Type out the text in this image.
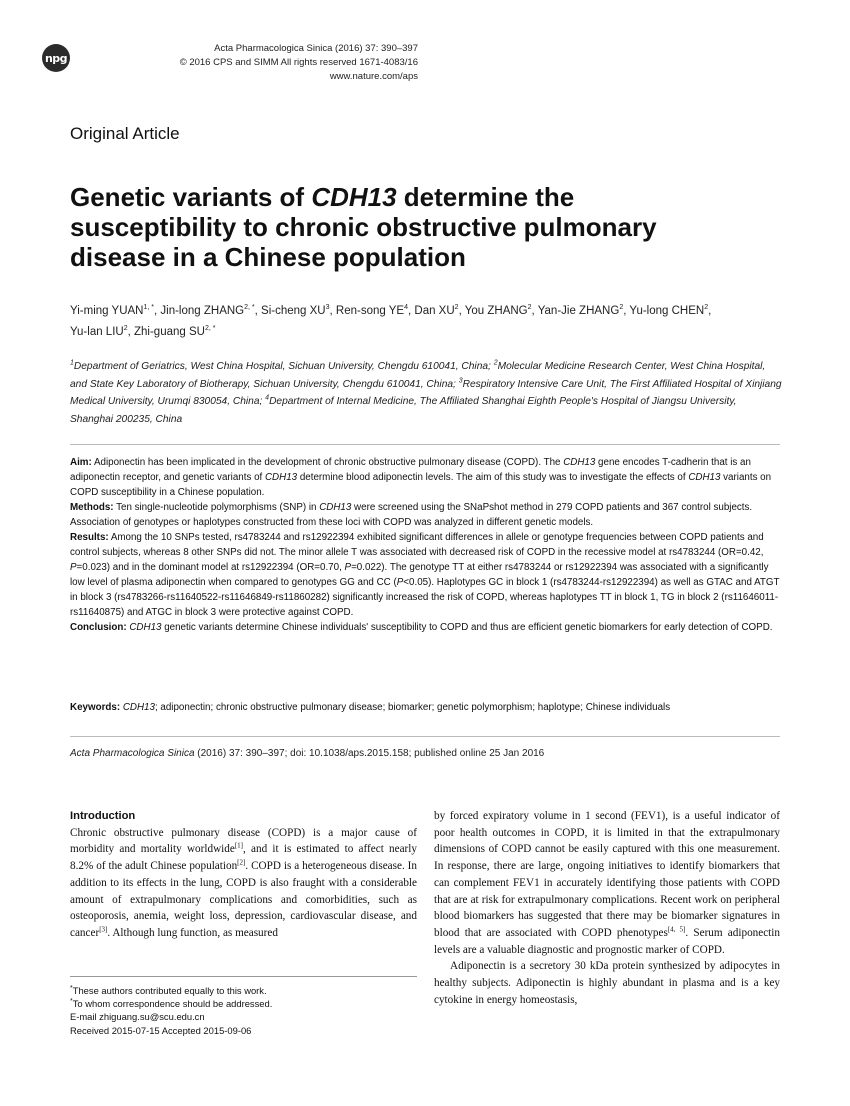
npg
Acta Pharmacologica Sinica (2016) 37: 390–397
© 2016 CPS and SIMM All rights reserved 1671-4083/16
www.nature.com/aps
Original Article
Genetic variants of CDH13 determine the
susceptibility to chronic obstructive pulmonary
disease in a Chinese population
Yi-ming $YUAN^{1, *}$, Jin-long $ZHANG^{2, *}$, Si-cheng $XU^3$, Ren-song $YE^4$, Dan $XU^2$, You ZHANG$^2$, Yan-Jie ZHANG$^2$, Yu-long CHEN$^2$,
Yu-lan LIU$^2$, Zhi-guang $SU^{2, *}$
$^1$Department of Geriatrics, West China Hospital, Sichuan University, Chengdu 610041, China; $^2$Molecular Medicine Research Center, West China Hospital, and State Key Laboratory of Biotherapy, Sichuan University, Chengdu 610041, China; $^3$Respiratory Intensive Care Unit, The First Affiliated Hospital of Xinjiang Medical University, Urumqi 830054, China; $^4$Department of Internal Medicine, The Affiliated Shanghai Eighth People's Hospital of Jiangsu University, Shanghai 200235, China

Aim: Adiponectin has been implicated in the development of chronic obstructive pulmonary disease (COPD). The CDH13 gene encodes T-cadherin that is an adiponectin receptor, and genetic variants of CDH13 determine blood adiponectin levels. The aim of this study was to investigate the effects of CDH13 variants on COPD susceptibility in a Chinese population.

Methods: Ten single-nucleotide polymorphisms (SNP) in CDH13 were screened using the SNaPshot method in 279 COPD patients and 367 control subjects. Association of genotypes or haplotypes constructed from these loci with COPD was analyzed in different genetic models.

Results: Among the 10 SNPs tested, rs4783244 and rs12922394 exhibited significant differences in allele or genotype frequencies between COPD patients and control subjects, whereas 8 other SNPs did not. The minor allele T was associated with decreased risk of COPD in the recessive model at rs4783244 (OR=0.42, P=0.023) and in the dominant model at rs12922394 (OR=0.70, P=0.022). The genotype TT at either rs4783244 or rs12922394 was associated with a significantly low level of plasma adiponectin when compared to genotypes GG and CC (P<0.05). Haplotypes GC in block 1 (rs4783244-rs12922394) as well as GTAC and ATGT in block 3 (rs4783266-rs11640522-rs11646849-rs11860282) significantly increased the risk of COPD, whereas haplotypes TT in block 1, TG in block 2 (rs11646011- rs11640875) and ATGC in block 3 were protective against COPD.

Conclusion: CDH13 genetic variants determine Chinese individuals' susceptibility to COPD and thus are efficient genetic biomarkers for early detection of COPD.

Keywords: CDH13; adiponectin; chronic obstructive pulmonary disease; biomarker; genetic polymorphism; haplotype; Chinese individuals
Acta Pharmacologica Sinica (2016) 37: 390–397; doi: 10.1038/aps.2015.158; published online 25 Jan 2016

Introduction

Chronic obstructive pulmonary disease (COPD) is a major cause of morbidity and mortality worldwide[1], and it is estimated to affect nearly 8.2% of the adult Chinese population[2]. COPD is a heterogeneous disease. In addition to its effects in the lung, COPD is also fraught with a considerable amount of extrapulmonary complications and comorbidities, such as osteoporosis, anemia, weight loss, depression, cardiovascular disease, and cancer[3]. Although lung function, as measured

*These authors contributed equally to this work.
*To whom correspondence should be addressed.
E-mail zhiguang.su@scu.edu.cn
Received 2015-07-15 Accepted 2015-09-06

by forced expiratory volume in 1 second (FEV1), is a useful indicator of poor health outcomes in COPD, it is limited in that the extrapulmonary dimensions of COPD cannot be easily captured with this one measurement. In response, there are large, ongoing initiatives to identify biomarkers that can complement FEV1 in accurately identifying those patients with COPD that are at risk for extrapulmonary complications. Recent work on peripheral blood biomarkers has suggested that there may be biomarker signatures in blood that are associated with COPD phenotypes[4, 5]. Serum adiponectin levels are a valuable diagnostic and prognostic marker of COPD.

Adiponectin is a secretory 30 kDa protein synthesized by adipocytes in healthy subjects. Adiponectin is highly abundant in plasma and is a key cytokine in energy homeostasis,
